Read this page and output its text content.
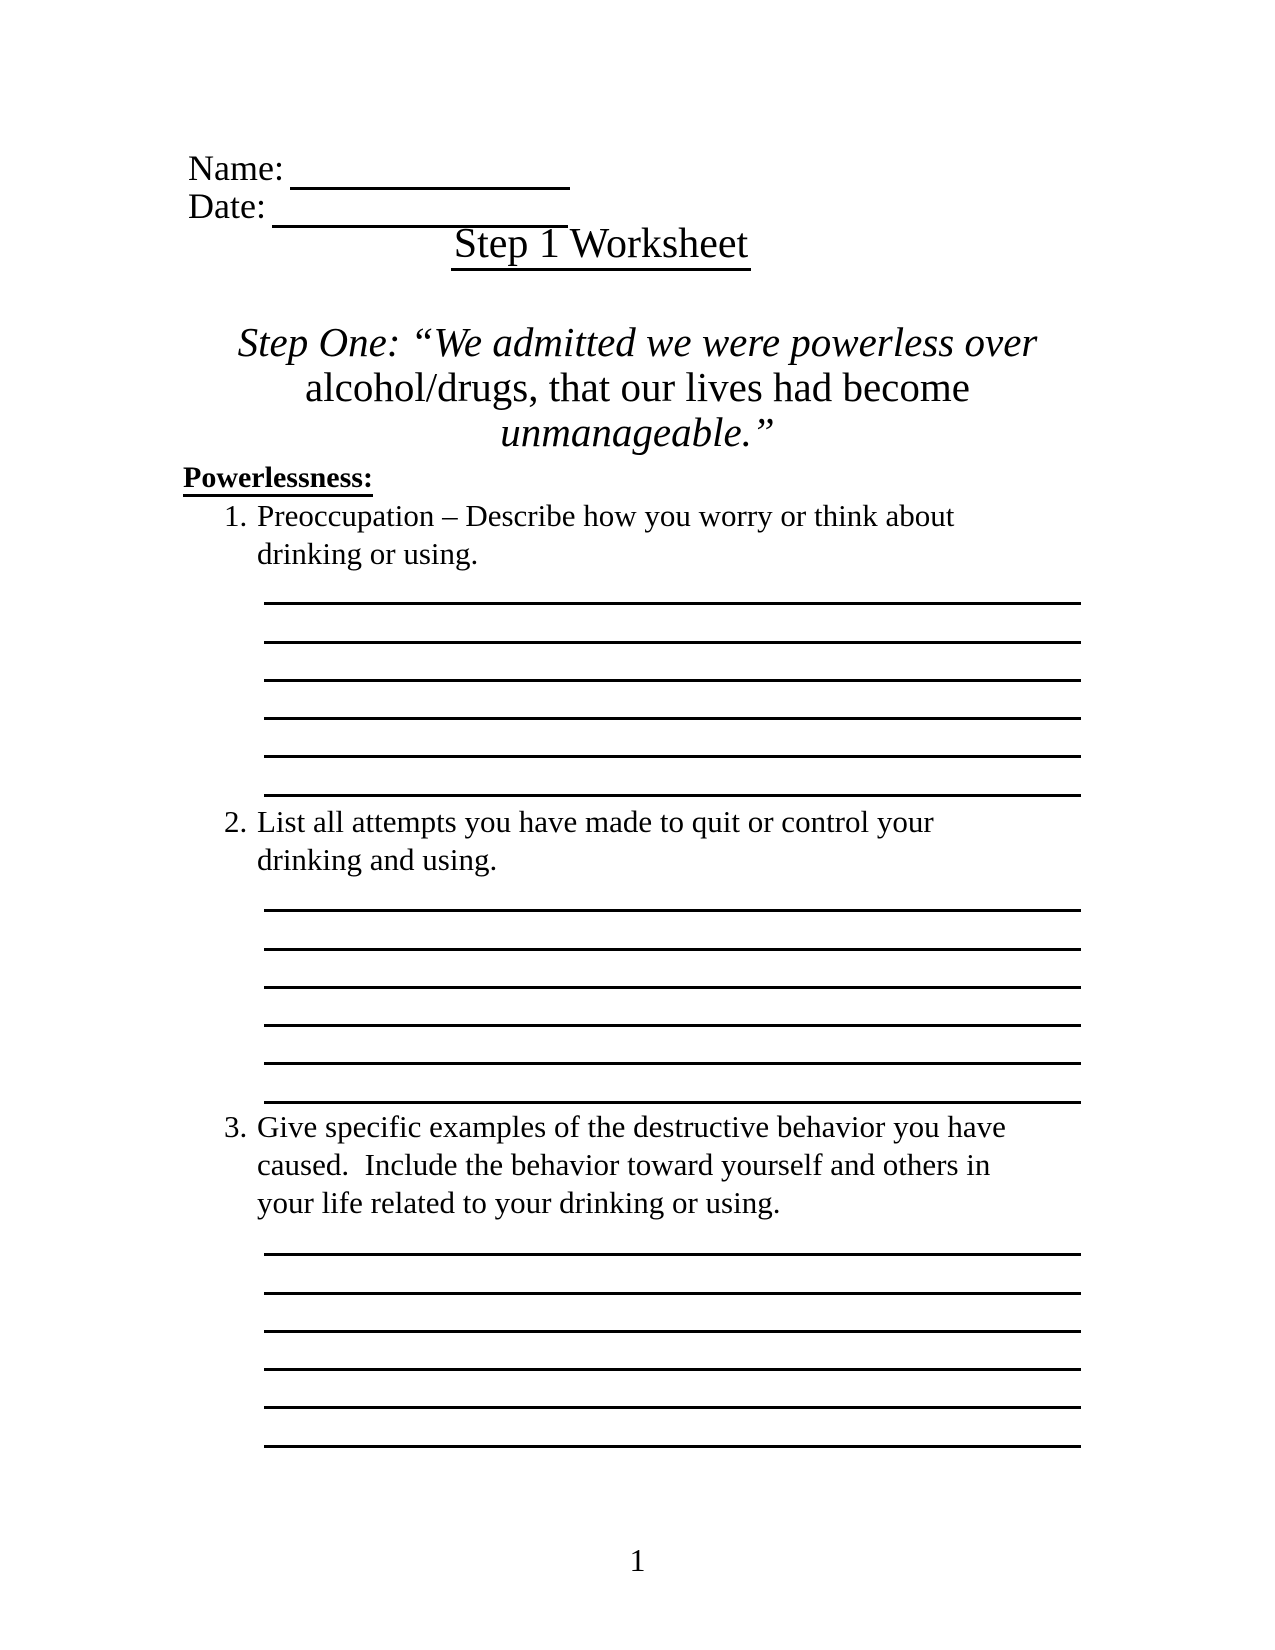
Name:
Date:
Step 1 Worksheet
Step One: “We admitted we were powerless over
alcohol/drugs, that our lives had become
unmanageable.”
Powerlessness:
1. Preoccupation – Describe how you worry or think about
drinking or using.
2. List all attempts you have made to quit or control your
drinking and using.
3. Give specific examples of the destructive behavior you have
caused.  Include the behavior toward yourself and others in
your life related to your drinking or using.
1
